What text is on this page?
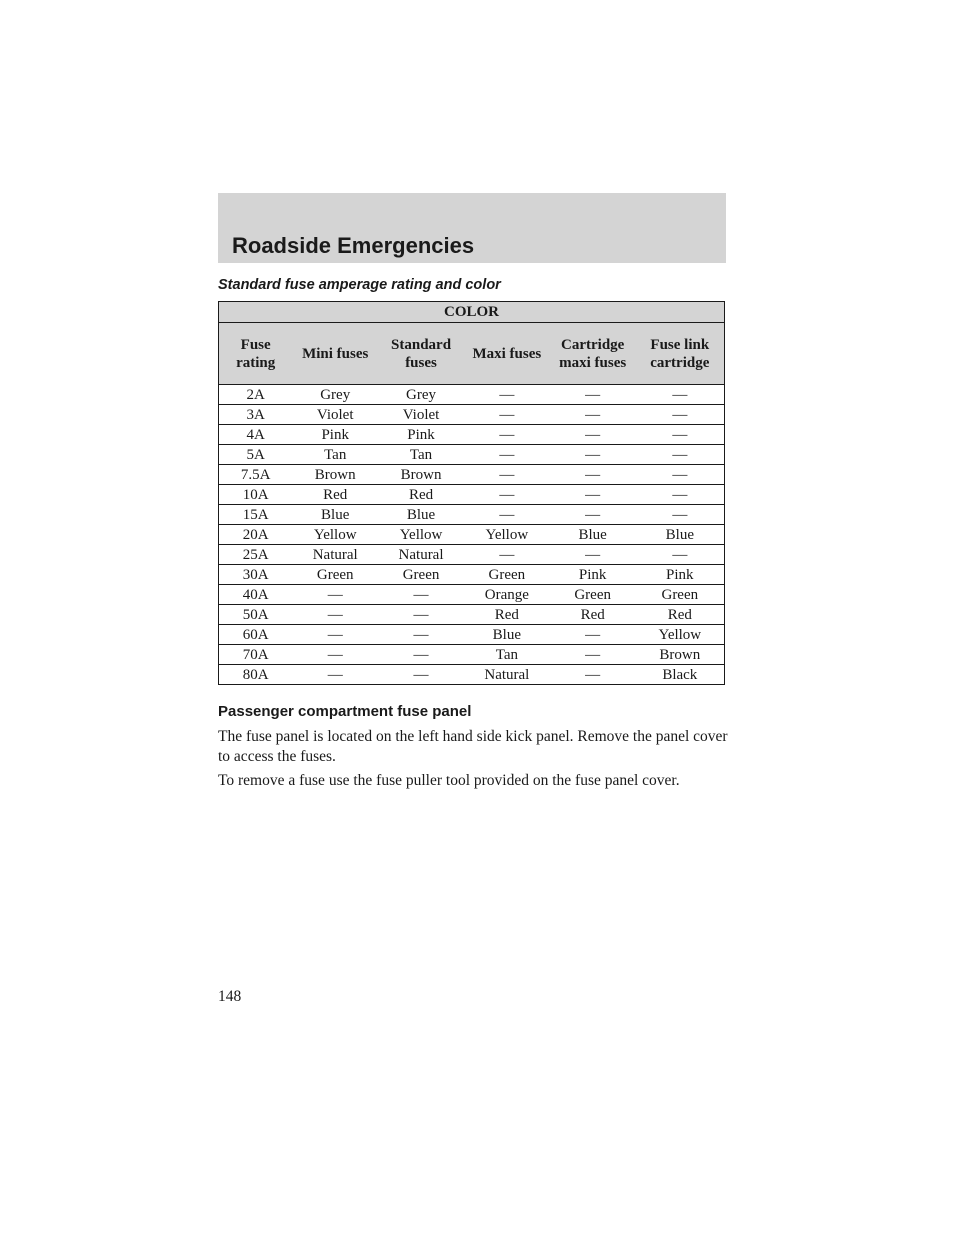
Roadside Emergencies

Standard fuse amperage rating and color

COLOR					
Fuse rating	Mini fuses	Standard fuses	Maxi fuses	Cartridge maxi fuses	Fuse link cartridge
2A	Grey	Grey	—	—	—
3A	Violet	Violet	—	—	—
4A	Pink	Pink	—	—	—
5A	Tan	Tan	—	—	—
7.5A	Brown	Brown	—	—	—
10A	Red	Red	—	—	—
15A	Blue	Blue	—	—	—
20A	Yellow	Yellow	Yellow	Blue	Blue
25A	Natural	Natural	—	—	—
30A	Green	Green	Green	Pink	Pink
40A	—	—	Orange	Green	Green
50A	—	—	Red	Red	Red
60A	—	—	Blue	—	Yellow
70A	—	—	Tan	—	Brown
80A	—	—	Natural	—	Black
Passenger compartment fuse panel

The fuse panel is located on the left hand side kick panel. Remove the panel cover to access the fuses.

To remove a fuse use the fuse puller tool provided on the fuse panel cover.

148
